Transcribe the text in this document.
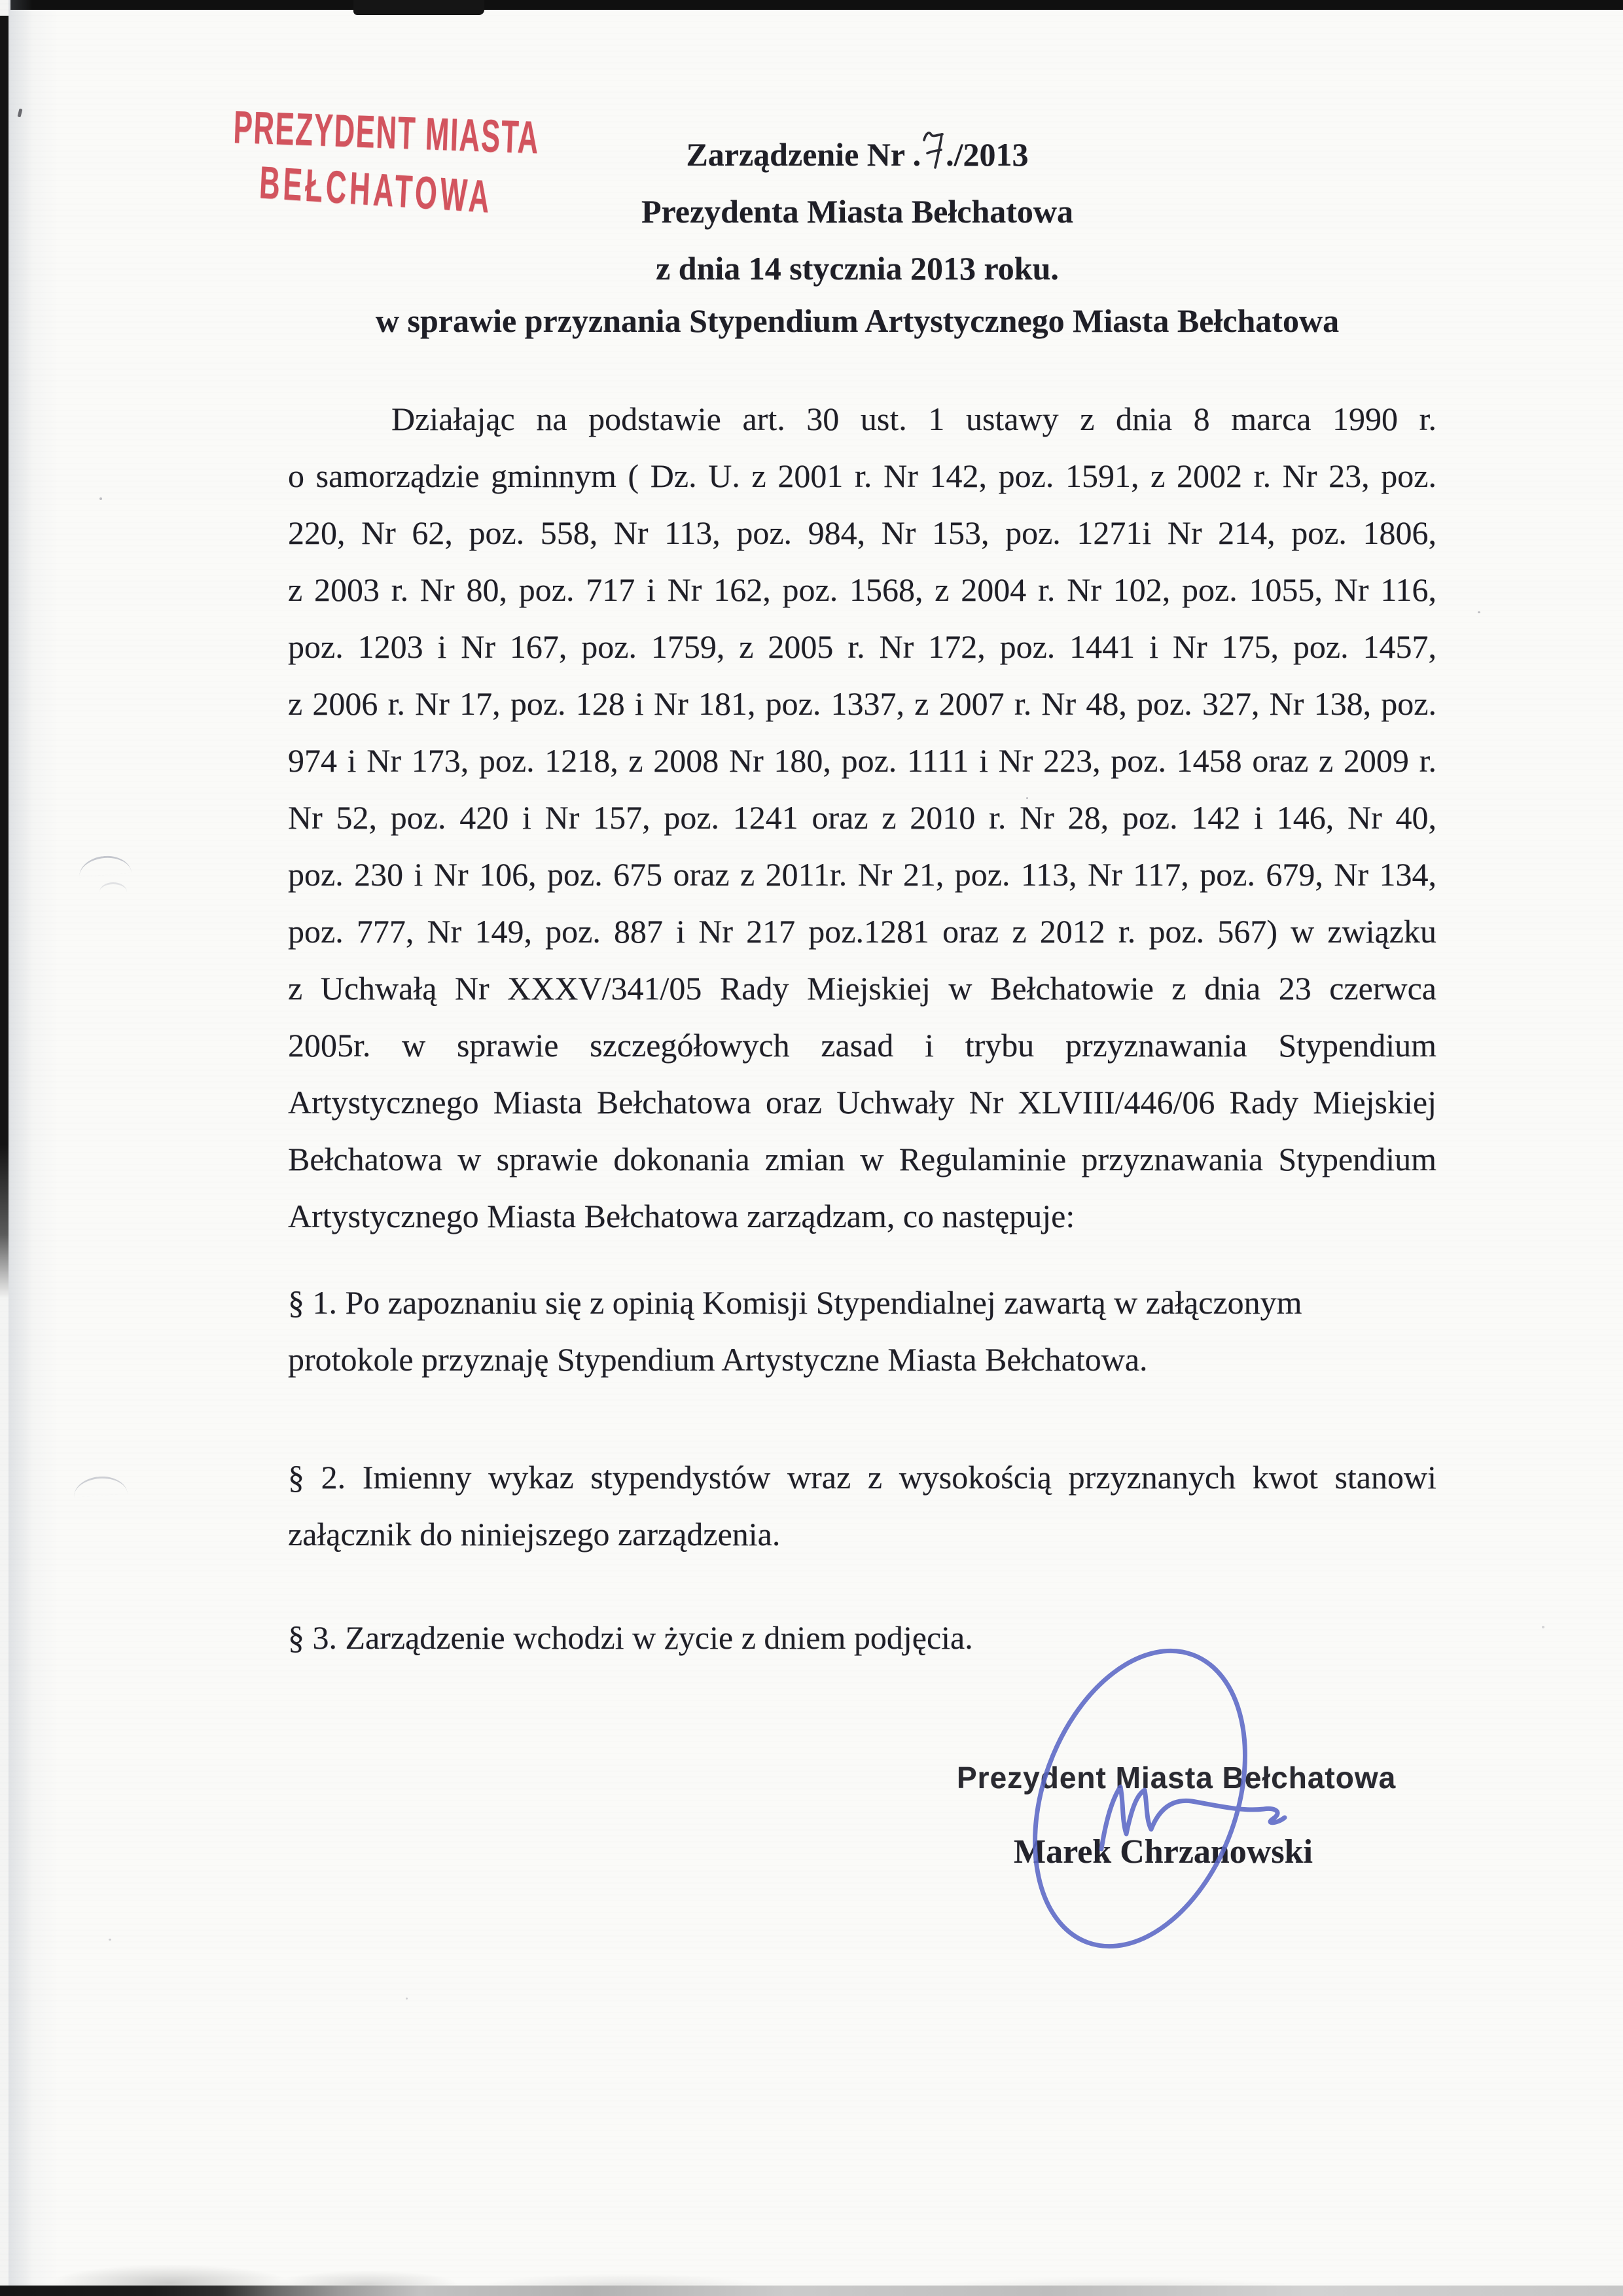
PREZYDENT MIASTA
BEŁCHATOWA
Zarządzenie Nr . ./2013
Prezydenta Miasta Bełchatowa
z dnia 14 stycznia 2013 roku.
w sprawie przyznania Stypendium Artystycznego Miasta Bełchatowa
Działając na podstawie art. 30 ust. 1 ustawy z dnia 8 marca 1990 r.
o samorządzie gminnym ( Dz. U. z 2001 r. Nr 142, poz. 1591, z 2002 r. Nr 23, poz.
220, Nr 62, poz. 558, Nr 113, poz. 984, Nr 153, poz. 1271i Nr 214, poz. 1806,
z 2003 r. Nr 80, poz. 717 i Nr 162, poz. 1568, z 2004 r. Nr 102, poz. 1055, Nr 116,
poz. 1203 i Nr 167, poz. 1759, z 2005 r. Nr 172, poz. 1441 i Nr 175, poz. 1457,
z 2006 r. Nr 17, poz. 128 i Nr 181, poz. 1337, z 2007 r. Nr 48, poz. 327, Nr 138, poz.
974 i Nr 173, poz. 1218, z 2008 Nr 180, poz. 1111 i Nr 223, poz. 1458 oraz z 2009 r.
Nr 52, poz. 420 i Nr 157, poz. 1241 oraz z 2010 r. Nr 28, poz. 142 i 146, Nr 40,
poz. 230 i Nr 106, poz. 675 oraz z 2011r. Nr 21, poz. 113, Nr 117, poz. 679, Nr 134,
poz. 777, Nr 149, poz. 887 i Nr 217 poz.1281 oraz z 2012 r. poz. 567) w związku
z Uchwałą Nr XXXV/341/05 Rady Miejskiej w Bełchatowie z dnia 23 czerwca
2005r. w sprawie szczegółowych zasad i trybu przyznawania Stypendium
Artystycznego Miasta Bełchatowa oraz Uchwały Nr XLVIII/446/06 Rady Miejskiej
Bełchatowa w sprawie dokonania zmian w Regulaminie przyznawania Stypendium
Artystycznego Miasta Bełchatowa zarządzam, co następuje:
§ 1. Po zapoznaniu się z opinią Komisji Stypendialnej zawartą w załączonym
protokole przyznaję Stypendium Artystyczne Miasta Bełchatowa.
§ 2. Imienny wykaz stypendystów wraz z wysokością przyznanych kwot stanowi
załącznik do niniejszego zarządzenia.
§ 3. Zarządzenie wchodzi w życie z dniem podjęcia.
Prezydent Miasta Bełchatowa
Marek Chrzanowski
